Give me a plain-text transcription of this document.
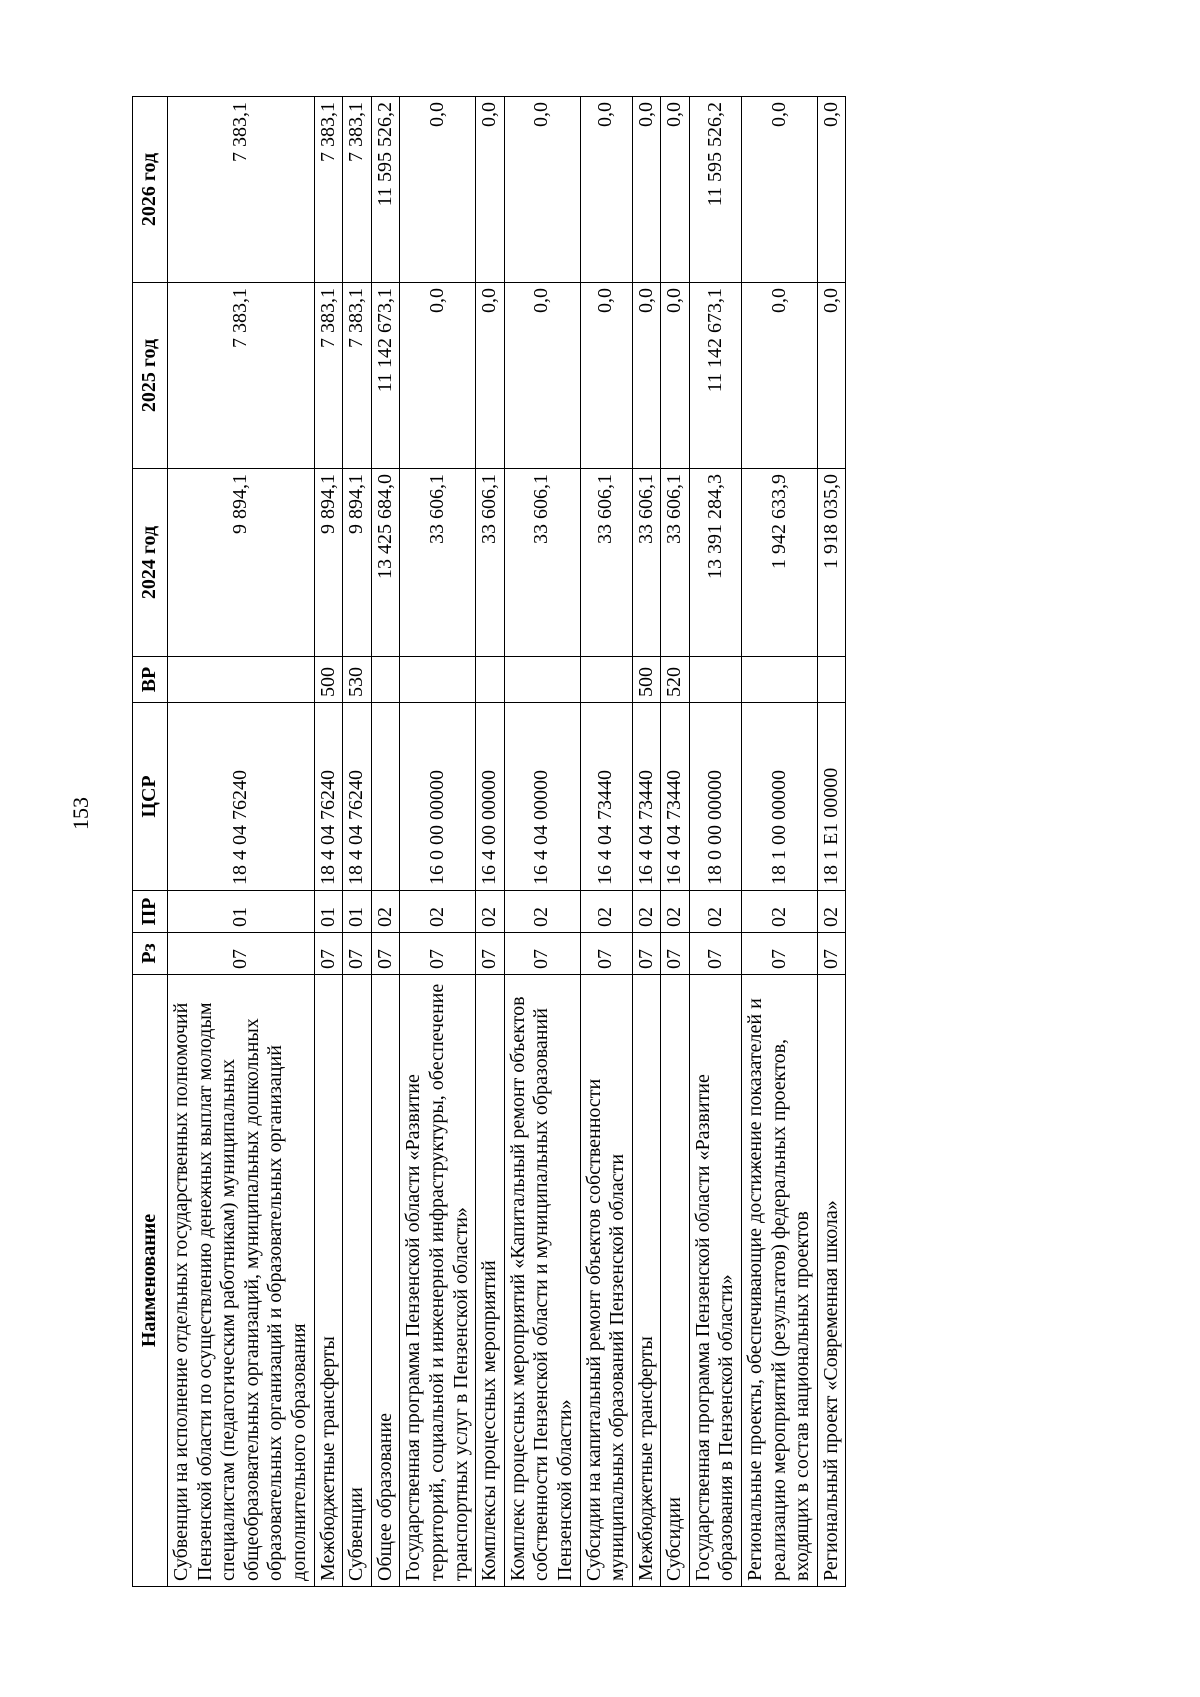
153
Наименование	Рз	ПР	ЦСР	ВР	2024 год	2025 год	2026 год
Субвенции на исполнение отдельных государственных полномочий Пензенской области по осуществлению денежных выплат молодым специалистам (педагогическим работникам) муниципальных общеобразовательных организаций, муниципальных дошкольных образовательных организаций и образовательных организаций дополнительного образования	07	01	18 4 04 76240		9 894,1	7 383,1	7 383,1
Межбюджетные трансферты	07	01	18 4 04 76240	500	9 894,1	7 383,1	7 383,1
Субвенции	07	01	18 4 04 76240	530	9 894,1	7 383,1	7 383,1
Общее образование	07	02			13 425 684,0	11 142 673,1	11 595 526,2
Государственная программа Пензенской области «Развитие территорий, социальной и инженерной инфраструктуры, обеспечение транспортных услуг в Пензенской области»	07	02	16 0 00 00000		33 606,1	0,0	0,0
Комплексы процессных мероприятий	07	02	16 4 00 00000		33 606,1	0,0	0,0
Комплекс процессных мероприятий «Капитальный ремонт объектов собственности Пензенской области и муниципальных образований Пензенской области»	07	02	16 4 04 00000		33 606,1	0,0	0,0
Субсидии на капитальный ремонт объектов собственности муниципальных образований Пензенской области	07	02	16 4 04 73440		33 606,1	0,0	0,0
Межбюджетные трансферты	07	02	16 4 04 73440	500	33 606,1	0,0	0,0
Субсидии	07	02	16 4 04 73440	520	33 606,1	0,0	0,0
Государственная программа Пензенской области «Развитие образования в Пензенской области»	07	02	18 0 00 00000		13 391 284,3	11 142 673,1	11 595 526,2
Региональные проекты, обеспечивающие достижение показателей и реализацию мероприятий (результатов) федеральных проектов, входящих в состав национальных проектов	07	02	18 1 00 00000		1 942 633,9	0,0	0,0
Региональный проект «Современная школа»	07	02	18 1 E1 00000		1 918 035,0	0,0	0,0
